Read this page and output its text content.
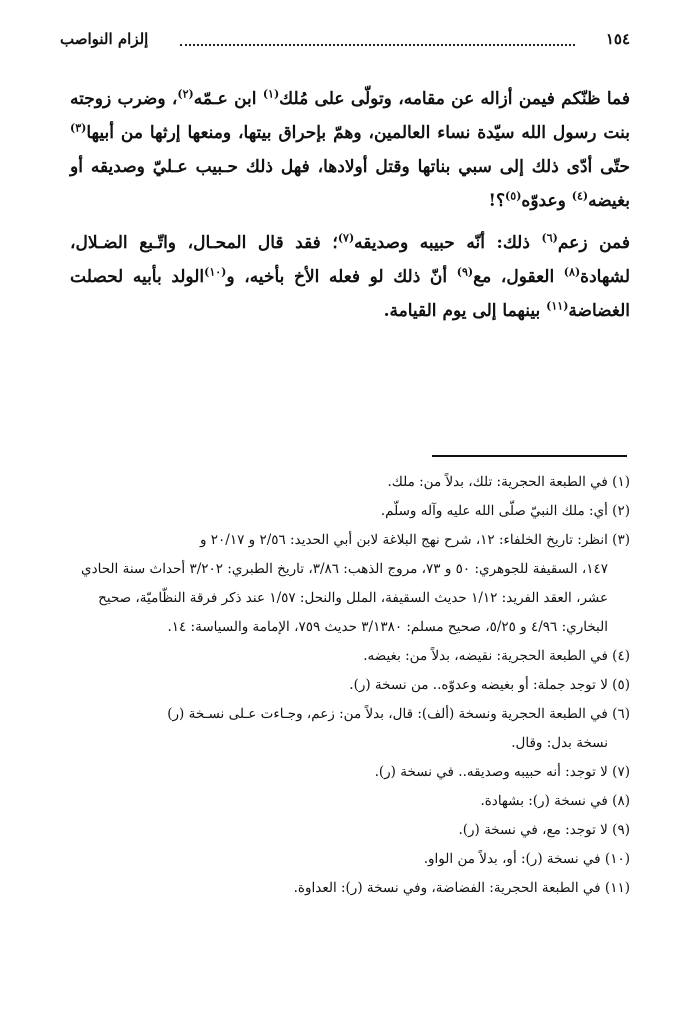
١٥٤
إلزام النواصب

فما ظنّكم فيمن أزاله عن مقامه، وتولّى على مُلك$^{(١)}$ ابن عـمّه$^{(٢)}$، وضرب زوجته بنت رسول الله سيّدة نساء العالمين، وهمّ بإحراق بيتها، ومنعها إرثها من أبيها$^{(٣)}$ حتّى أدّى ذلك إلى سبي بناتها وقتل أولادها، فهل ذلك حـبيب عـليّ وصديقه أو بغيضه$^{(٤)}$ وعدوّه$^{(٥)}$؟!

فمن زعم$^{(٦)}$ ذلك: أنّه حبيبه وصديقه$^{(٧)}$؛ فقد قال المحـال، واتّـبع الضـلال، لشهادة$^{(٨)}$ العقول، مع$^{(٩)}$ أنّ ذلك لو فعله الأخ بأخيه، و$^{(١٠)}$الولد بأبيه لحصلت الغضاضة$^{(١١)}$ بينهما إلى يوم القيامة.

(١) في الطبعة الحجرية: تلك، بدلاً من: ملك.

(٢) أي: ملك النبيّ صلّى الله عليه وآله وسلّم.

(٣) انظر: تاريخ الخلفاء: ١٢، شرح نهج البلاغة لابن أبي الحديد: ٢/٥٦ و ٢٠/١٧ و
١٤٧، السقيفة للجوهري: ٥٠ و ٧٣، مروج الذهب: ٣/٨٦، تاريخ الطبري: ٣/٢٠٢ أحداث سنة الحادي عشر، العقد الفريد: ١/١٢ حديث السقيفة، الملل والنحل: ١/٥٧ عند ذكر فرقة النظّاميّة، صحيح البخاري: ٤/٩٦ و ٥/٢٥، صحيح مسلم: ٣/١٣٨٠ حديث ٧٥٩، الإمامة والسياسة: ١٤.

(٤) في الطبعة الحجرية: نقيضه، بدلاً من: بغيضه.

(٥) لا توجد جملة: أو بغيضه وعدوّه.. من نسخة (ر).

(٦) في الطبعة الحجرية ونسخة (ألف): قال، بدلاً من: زعم، وجـاءت عـلى نسـخة (ر)
نسخة بدل: وقال.

(٧) لا توجد: أنه حبيبه وصديقه.. في نسخة (ر).

(٨) في نسخة (ر): بشهادة.

(٩) لا توجد: مع، في نسخة (ر).

(١٠) في نسخة (ر): أو، بدلاً من الواو.

(١١) في الطبعة الحجرية: الفضاضة، وفي نسخة (ر): العداوة.
